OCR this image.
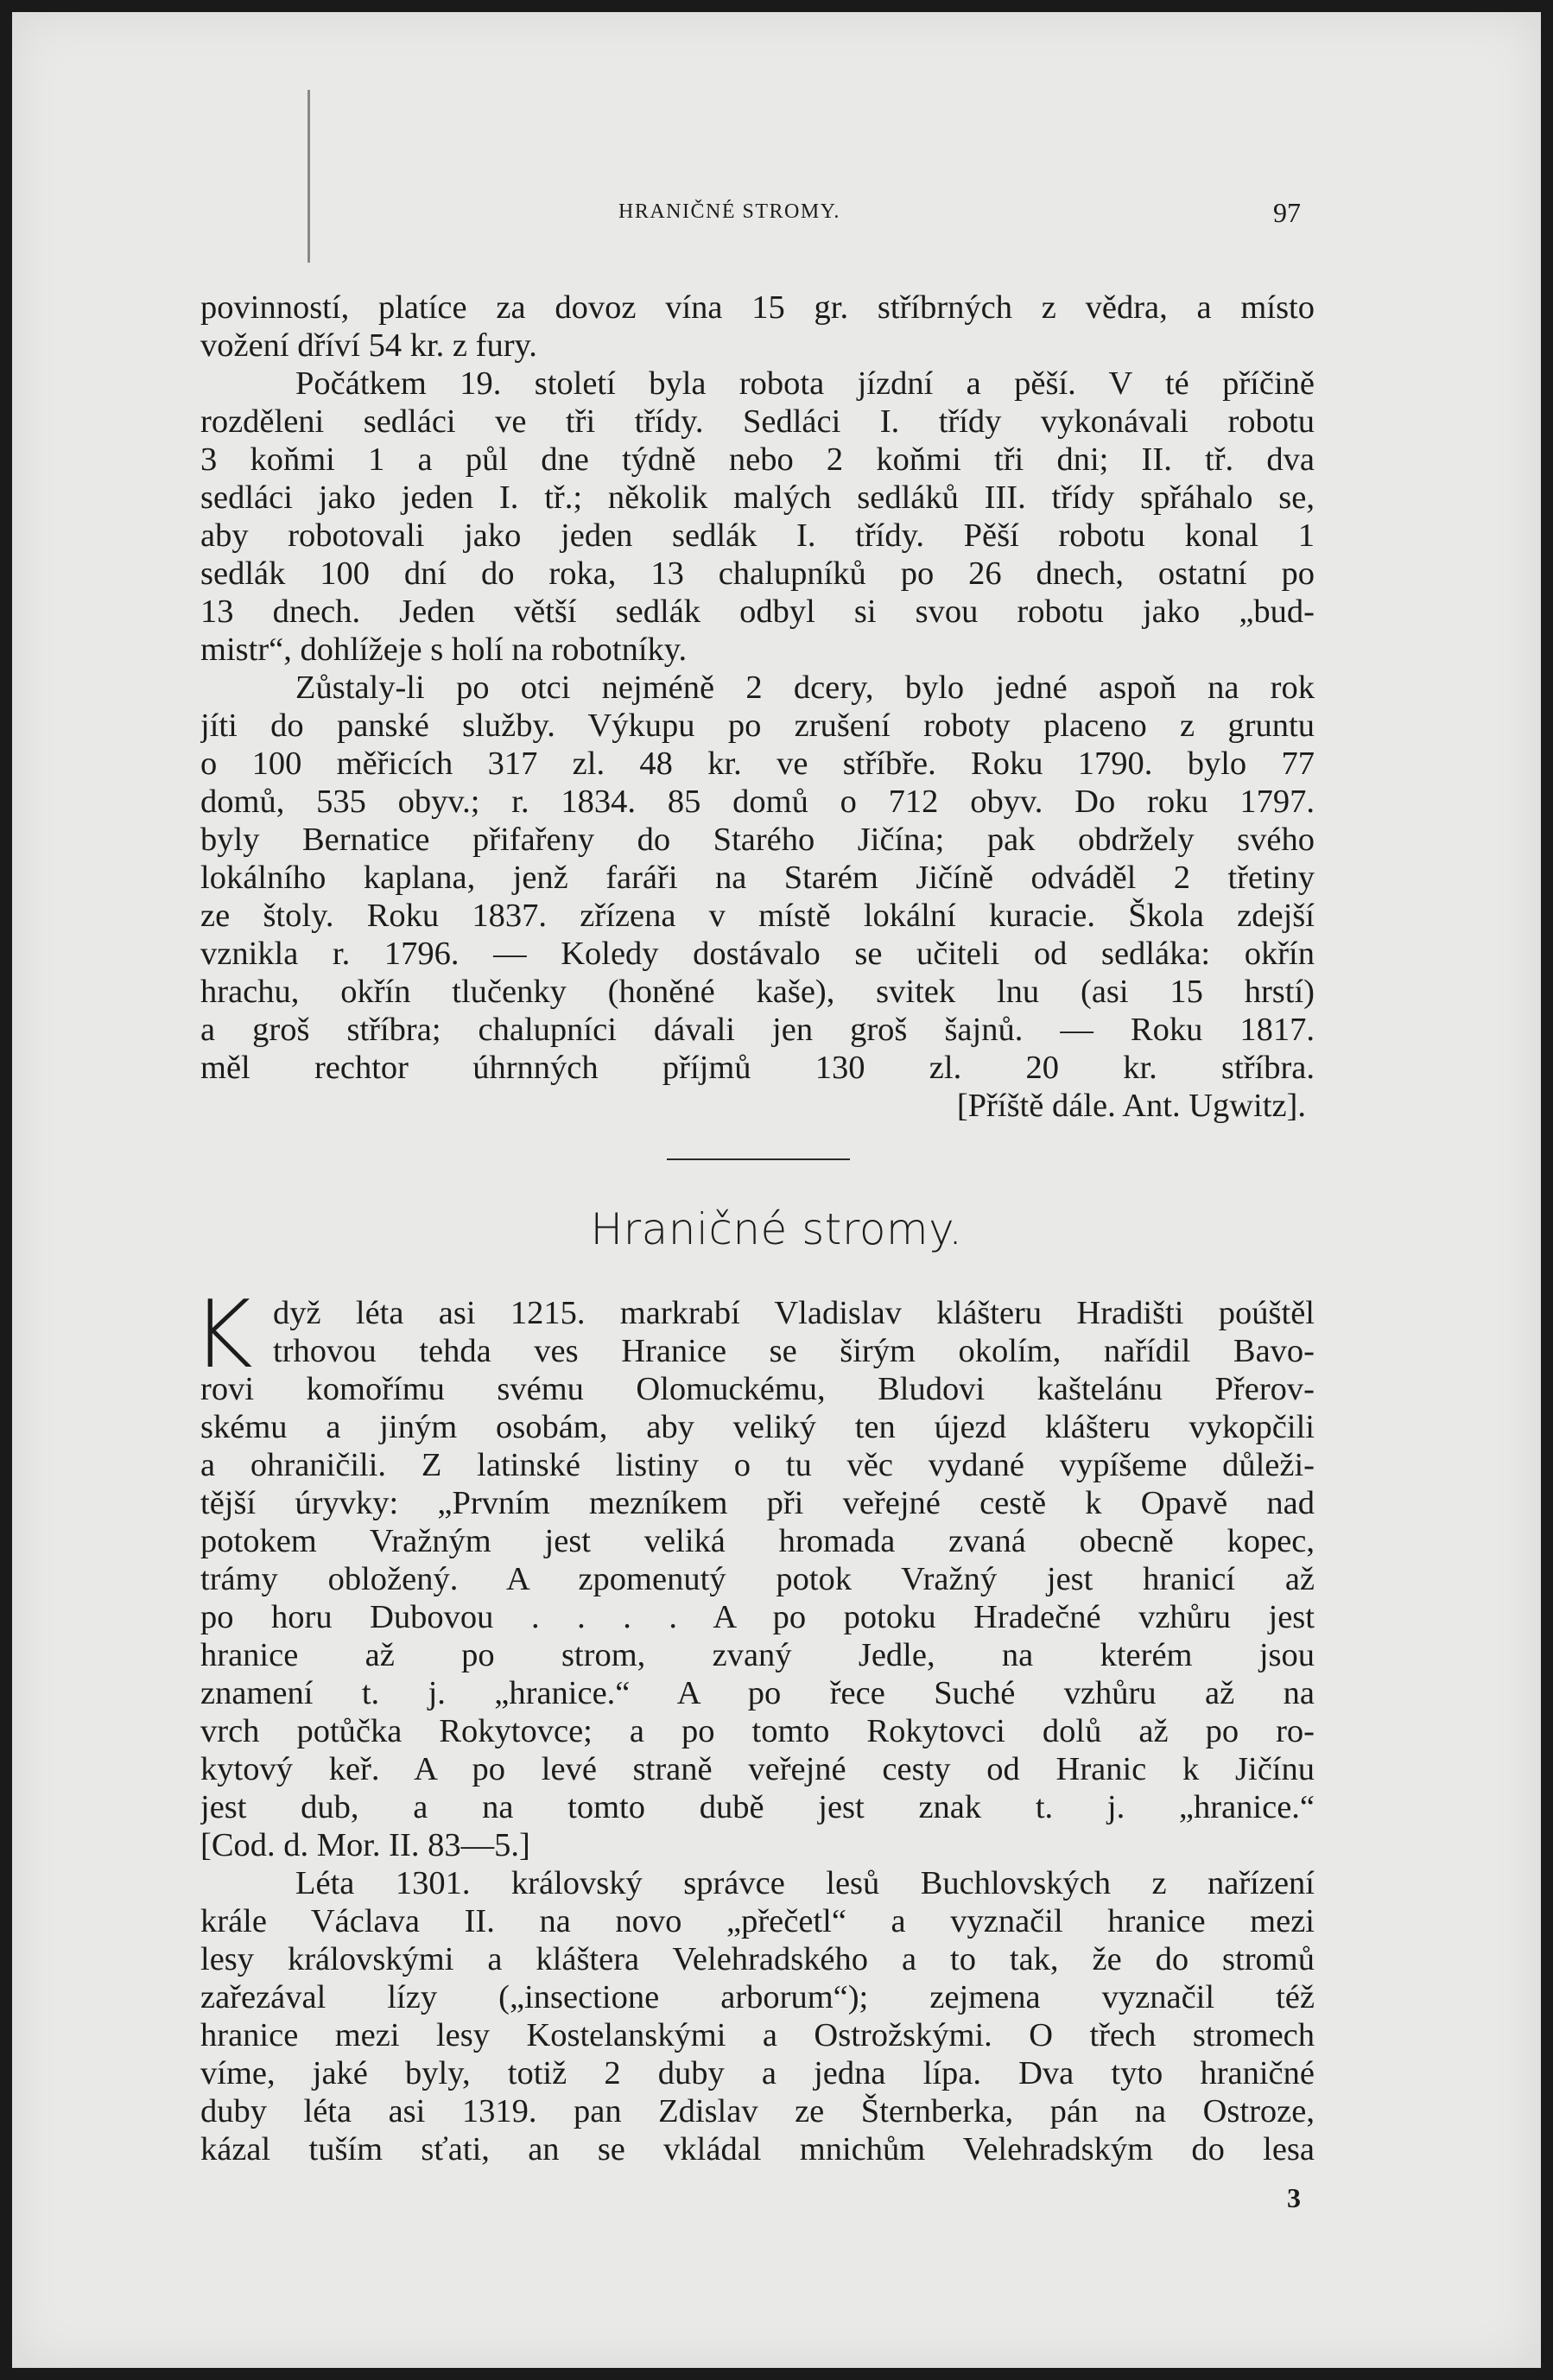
HRANIČNÉ STROMY.	97
povinností, platíce za dovoz vína 15 gr. stříbrných z vědra, a místo
vožení dříví 54 kr. z fury.
Počátkem 19. století byla robota jízdní a pěší. V té příčině
rozděleni sedláci ve tři třídy. Sedláci I. třídy vykonávali robotu
3 koňmi 1 a půl dne týdně nebo 2 koňmi tři dni; II. tř. dva
sedláci jako jeden I. tř.; několik malých sedláků III. třídy spřáhalo se,
aby robotovali jako jeden sedlák I. třídy. Pěší robotu konal 1
sedlák 100 dní do roka, 13 chalupníků po 26 dnech, ostatní po
13 dnech. Jeden větší sedlák odbyl si svou robotu jako „bud-
mistr“, dohlížeje s holí na robotníky.
Zůstaly-li po otci nejméně 2 dcery, bylo jedné aspoň na rok
jíti do panské služby. Výkupu po zrušení roboty placeno z gruntu
o 100 měřicích 317 zl. 48 kr. ve stříbře. Roku 1790. bylo 77
domů, 535 obyv.; r. 1834. 85 domů o 712 obyv. Do roku 1797.
byly Bernatice přifařeny do Starého Jičína; pak obdržely svého
lokálního kaplana, jenž faráři na Starém Jičíně odváděl 2 třetiny
ze štoly. Roku 1837. zřízena v místě lokální kuracie. Škola zdejší
vznikla r. 1796. — Koledy dostávalo se učiteli od sedláka: okřín
hrachu, okřín tlučenky (honěné kaše), svitek lnu (asi 15 hrstí)
a groš stříbra; chalupníci dávali jen groš šajnů. — Roku 1817.
měl rechtor úhrnných příjmů 130 zl. 20 kr. stříbra.
[Příště dále. Ant. Ugwitz].
Hraničné stromy.
K dyž léta asi 1215. markrabí Vladislav klášteru Hradišti poúštěl
trhovou tehda ves Hranice se širým okolím, nařídil Bavo-
rovi komořímu svému Olomuckému, Bludovi kaštelánu Přerov-
skému a jiným osobám, aby veliký ten újezd klášteru vykopčili
a ohraničili. Z latinské listiny o tu věc vydané vypíšeme důleži-
tější úryvky: „Prvním mezníkem při veřejné cestě k Opavě nad
potokem Vražným jest veliká hromada zvaná obecně kopec,
trámy obložený. A zpomenutý potok Vražný jest hranicí až
po horu Dubovou . . . . A po potoku Hradečné vzhůru jest
hranice až po strom, zvaný Jedle, na kterém jsou
znamení t. j. „hranice.“ A po řece Suché vzhůru až na
vrch potůčka Rokytovce; a po tomto Rokytovci dolů až po ro-
kytový keř. A po levé straně veřejné cesty od Hranic k Jičínu
jest dub, a na tomto dubě jest znak t. j. „hranice.“
[Cod. d. Mor. II. 83—5.]
Léta 1301. královský správce lesů Buchlovských z nařízení
krále Václava II. na novo „přečetl“ a vyznačil hranice mezi
lesy královskými a kláštera Velehradského a to tak, že do stromů
zařezával lízy („insectione arborum“); zejmena vyznačil též
hranice mezi lesy Kostelanskými a Ostrožskými. O třech stromech
víme, jaké byly, totiž 2 duby a jedna lípa. Dva tyto hraničné
duby léta asi 1319. pan Zdislav ze Šternberka, pán na Ostroze,
kázal tuším sťati, an se vkládal mnichům Velehradským do lesa
3
